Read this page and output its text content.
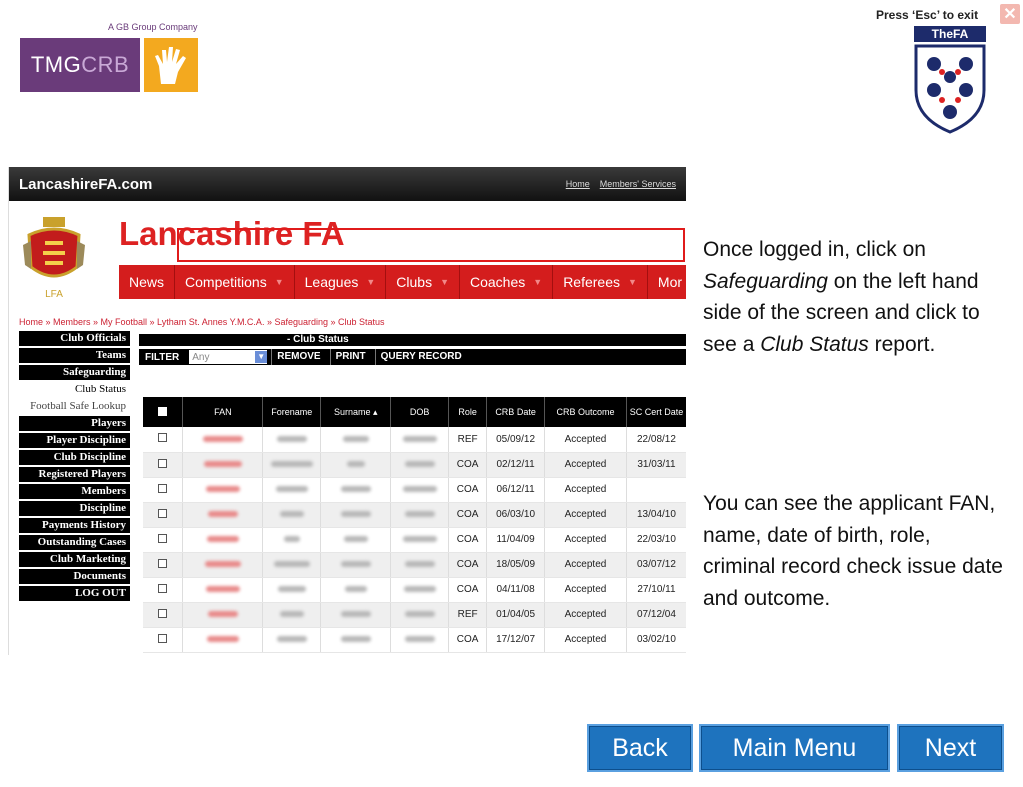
A GB Group Company
TMG CRB
Press ‘Esc’ to exit ✕
TheFA
LancashireFA.com	Home Members' Services
LFA
Lancashire FA
News Competitions ▼ Leagues ▼ Clubs ▼ Coaches ▼ Referees ▼ Mor
Home » Members » My Football » Lytham St. Annes Y.M.C.A. » Safeguarding » Club Status
Club Officials
Teams
Safeguarding
Club Status
Football Safe Lookup
Players
Player Discipline
Club Discipline
Registered Players
Members
Discipline
Payments History
Outstanding Cases
Club Marketing
Documents
LOG OUT
- Club Status
FILTER	Any	▼	REMOVE	PRINT	QUERY RECORD
	FAN	Forename	Surname ▴	DOB	Role	CRB Date	CRB Outcome	SC Cert Date
					REF	05/09/12	Accepted	22/08/12
					COA	02/12/11	Accepted	31/03/11
					COA	06/12/11	Accepted	
					COA	06/03/10	Accepted	13/04/10
					COA	11/04/09	Accepted	22/03/10
					COA	18/05/09	Accepted	03/07/12
					COA	04/11/08	Accepted	27/10/11
					REF	01/04/05	Accepted	07/12/04
					COA	17/12/07	Accepted	03/02/10

Once logged in, click on Safeguarding on the left hand side of the screen and click to see a Club Status report.

You can see the applicant FAN, name, date of birth, role, criminal record check issue date and outcome.

Back	Main Menu	Next
